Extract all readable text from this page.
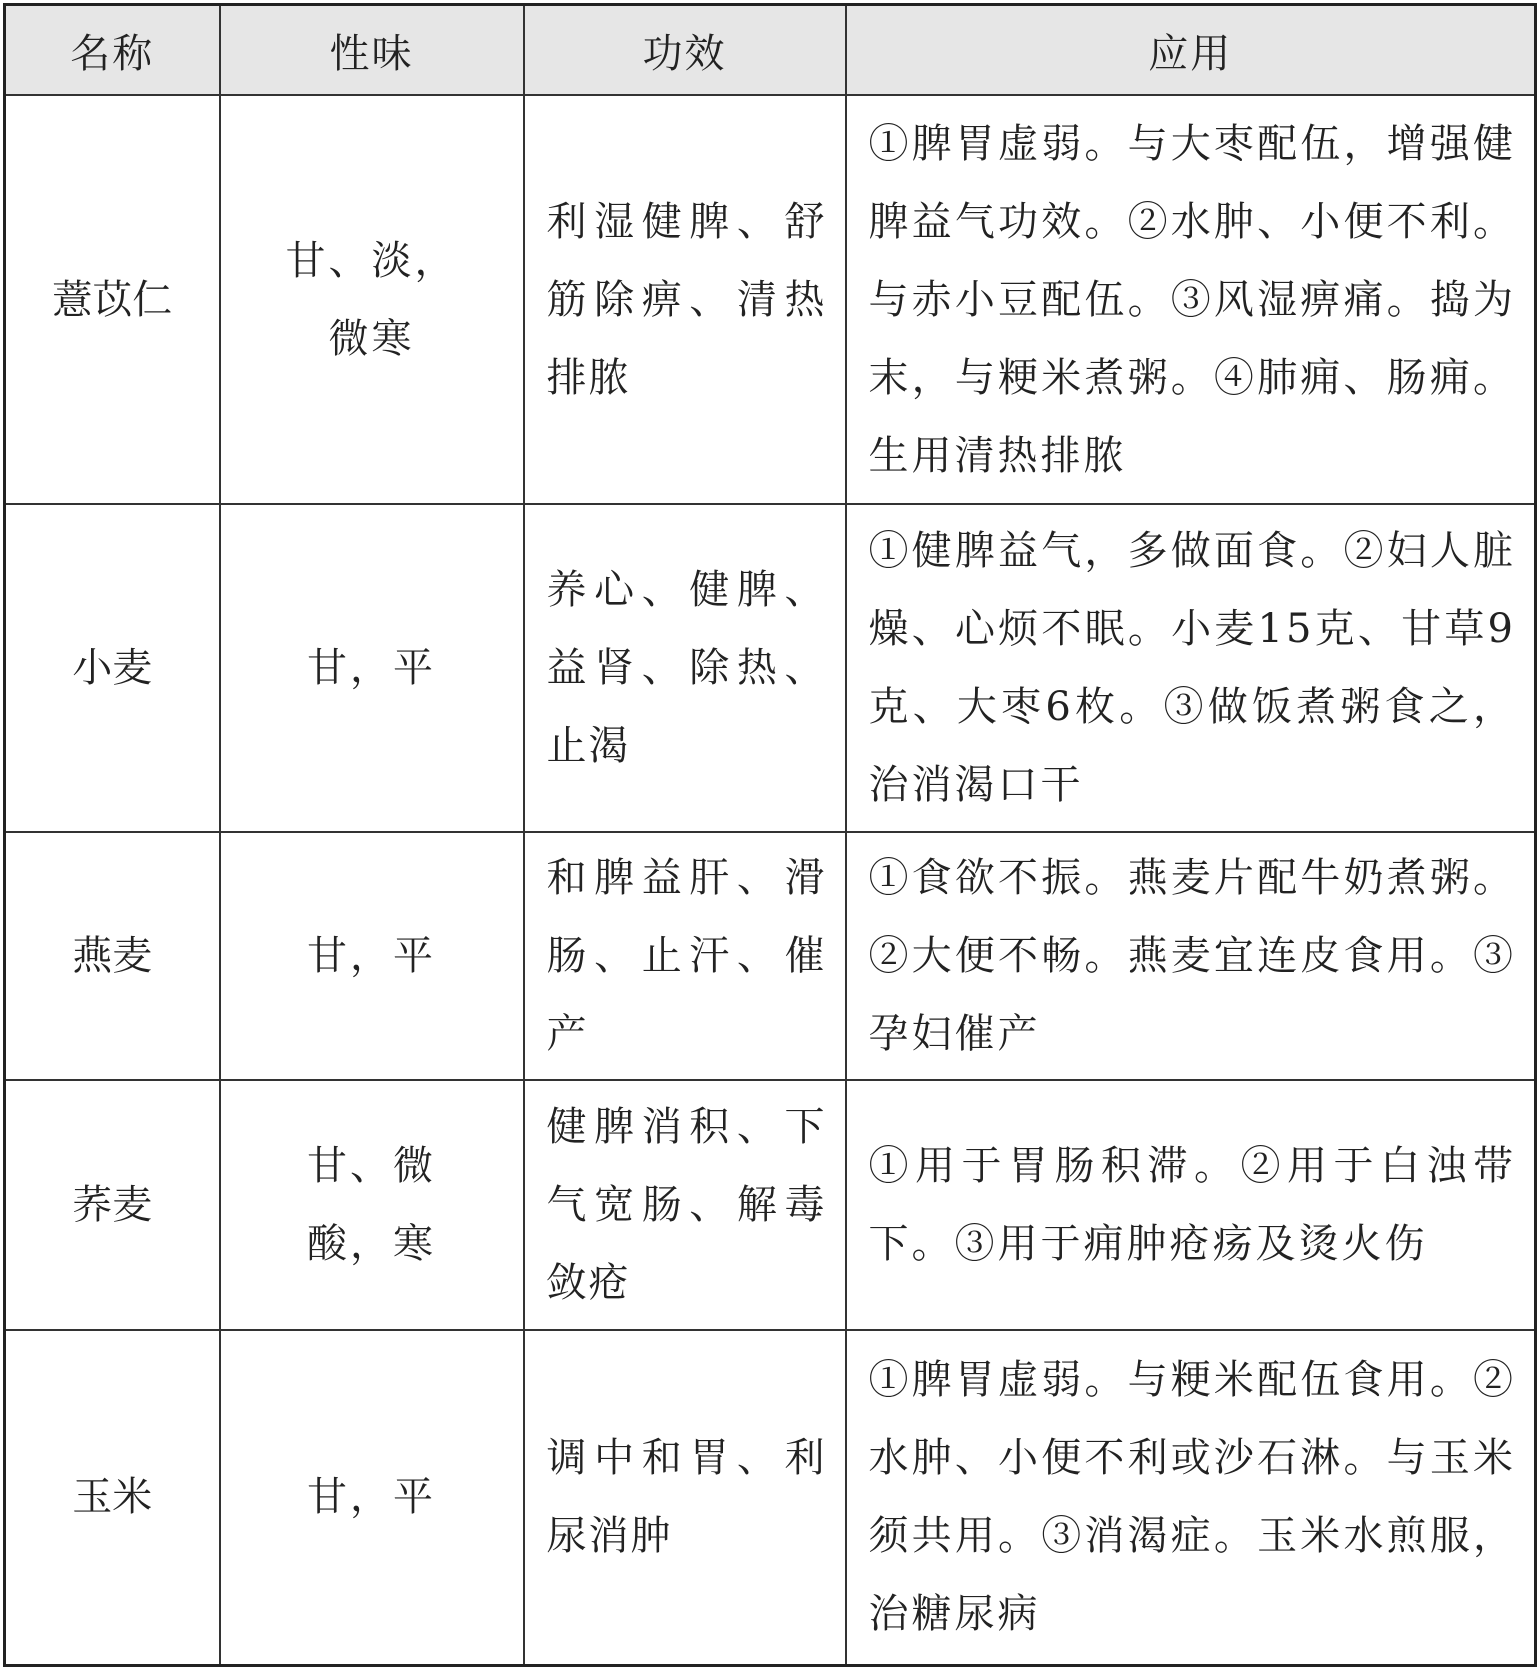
名称	性味	功效	应用
薏苡仁	甘、淡，微寒	利湿健脾、舒筋除痹、清热排脓	①脾胃虚弱。与大枣配伍，增强健脾益气功效。②水肿、小便不利。与赤小豆配伍。③风湿痹痛。捣为末，与粳米煮粥。④肺痈、肠痈。生用清热排脓
小麦	甘，平	养心、健脾、益肾、除热、止渴	①健脾益气，多做面食。②妇人脏燥、心烦不眠。小麦15克、甘草9克、大枣6枚。③做饭煮粥食之，治消渴口干
燕麦	甘，平	和脾益肝、滑肠、止汗、催产	①食欲不振。燕麦片配牛奶煮粥。②大便不畅。燕麦宜连皮食用。③孕妇催产
荞麦	甘、微酸，寒	健脾消积、下气宽肠、解毒敛疮	①用于胃肠积滞。②用于白浊带下。③用于痈肿疮疡及烫火伤
玉米	甘，平	调中和胃、利尿消肿	①脾胃虚弱。与粳米配伍食用。②水肿、小便不利或沙石淋。与玉米须共用。③消渴症。玉米水煎服，治糖尿病
